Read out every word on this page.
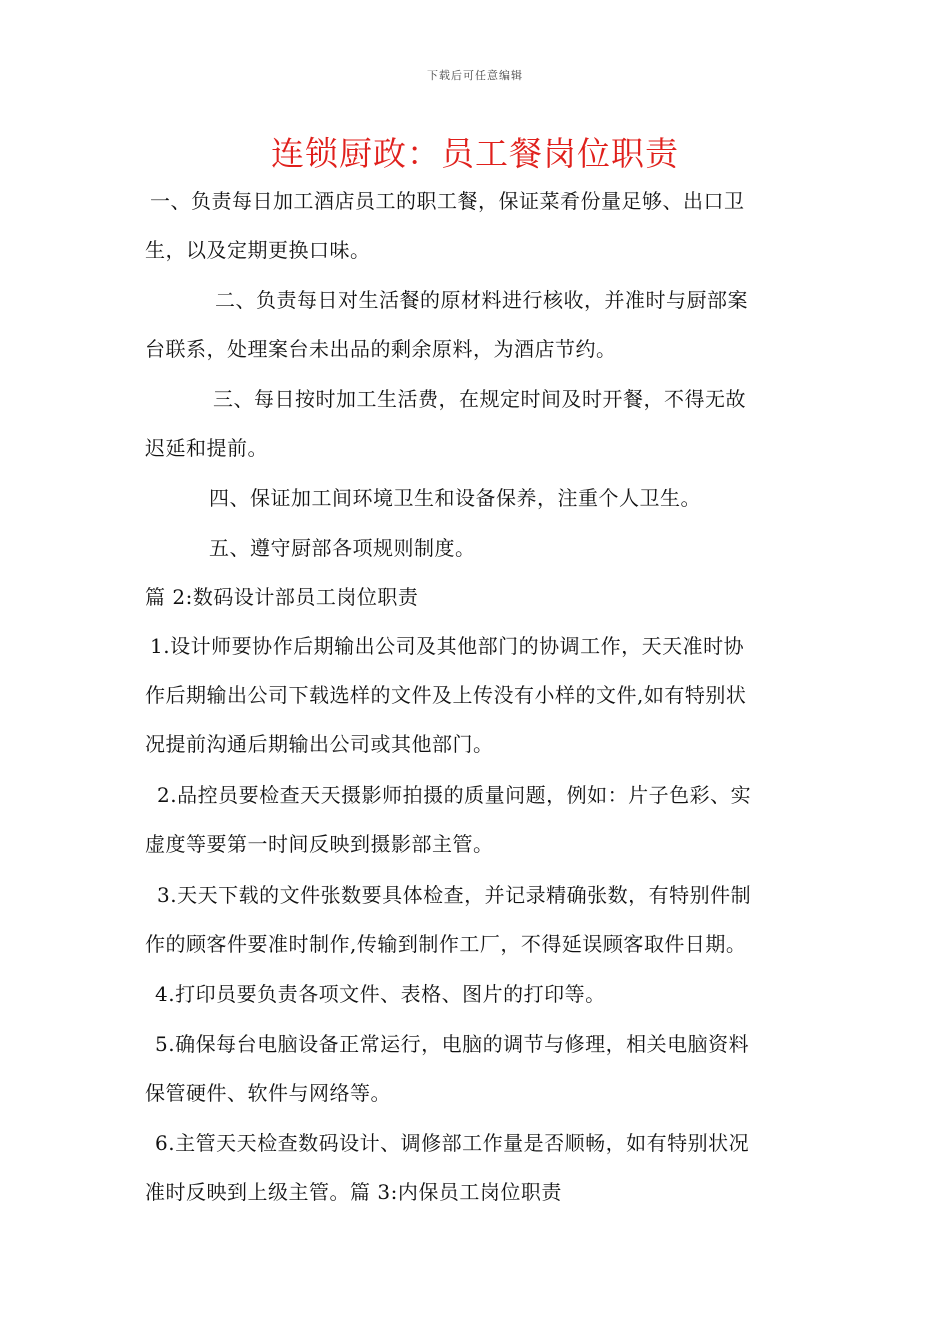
下载后可任意编辑
连锁厨政：员工餐岗位职责
一、负责每日加工酒店员工的职工餐，保证菜肴份量足够、出口卫
生，以及定期更换口味。
二、负责每日对生活餐的原材料进行核收，并准时与厨部案
台联系，处理案台未出品的剩余原料，为酒店节约。
三、每日按时加工生活费，在规定时间及时开餐，不得无故
迟延和提前。
四、保证加工间环境卫生和设备保养，注重个人卫生。
五、遵守厨部各项规则制度。
篇 2:数码设计部员工岗位职责
1.设计师要协作后期输出公司及其他部门的协调工作，天天准时协
作后期输出公司下载选样的文件及上传没有小样的文件,如有特别状
况提前沟通后期输出公司或其他部门。
2.品控员要检查天天摄影师拍摄的质量问题，例如：片子色彩、实
虚度等要第一时间反映到摄影部主管。
3.天天下载的文件张数要具体检查，并记录精确张数，有特别件制
作的顾客件要准时制作,传输到制作工厂，不得延误顾客取件日期。
4.打印员要负责各项文件、表格、图片的打印等。
5.确保每台电脑设备正常运行，电脑的调节与修理，相关电脑资料
保管硬件、软件与网络等。
6.主管天天检查数码设计、调修部工作量是否顺畅，如有特别状况
准时反映到上级主管。篇 3:内保员工岗位职责
